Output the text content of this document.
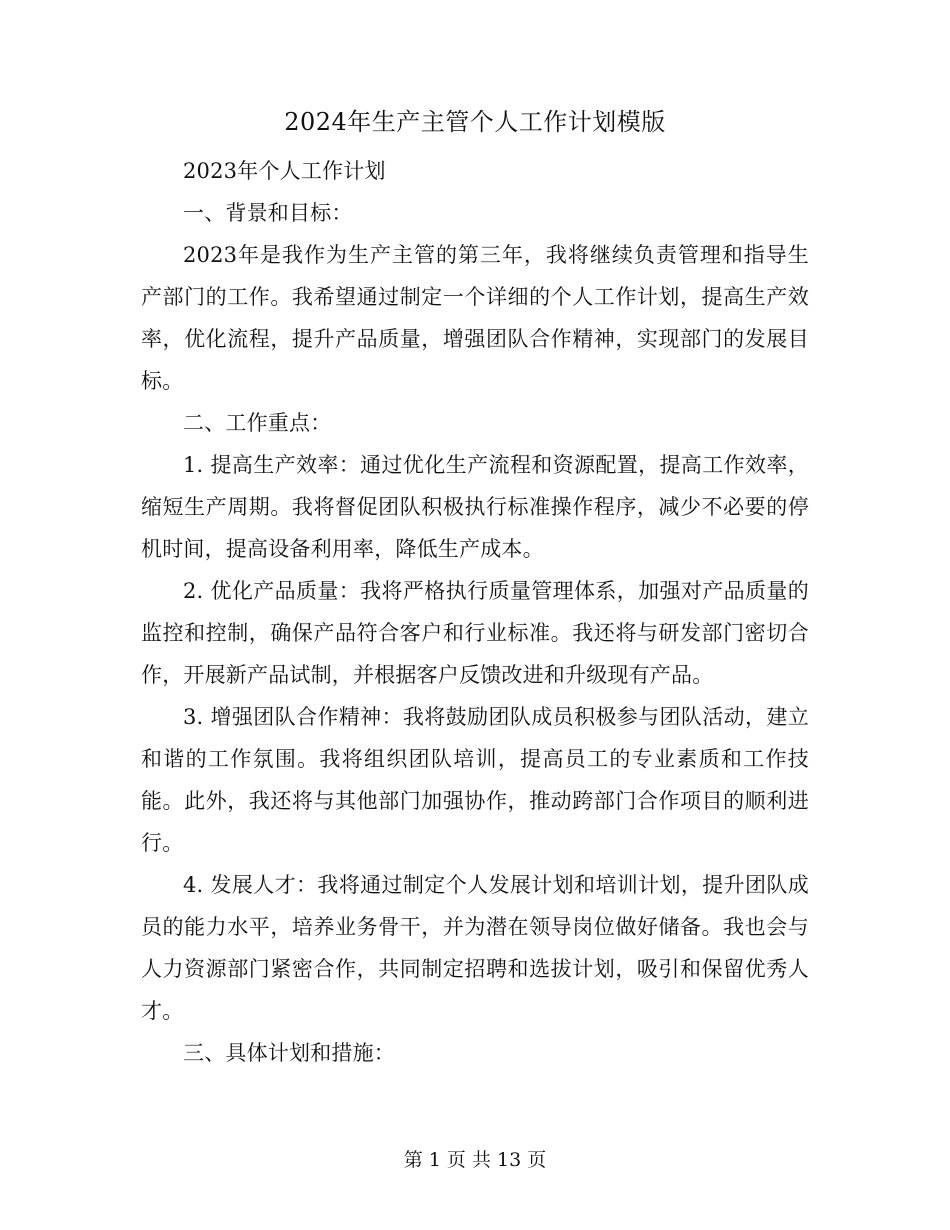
2024年生产主管个人工作计划模版

2023年个人工作计划

一、背景和目标：

2023年是我作为生产主管的第三年，我将继续负责管理和指导生产部门的工作。我希望通过制定一个详细的个人工作计划，提高生产效率，优化流程，提升产品质量，增强团队合作精神，实现部门的发展目标。

二、工作重点：

1. 提高生产效率：通过优化生产流程和资源配置，提高工作效率，缩短生产周期。我将督促团队积极执行标准操作程序，减少不必要的停机时间，提高设备利用率，降低生产成本。

2. 优化产品质量：我将严格执行质量管理体系，加强对产品质量的监控和控制，确保产品符合客户和行业标准。我还将与研发部门密切合作，开展新产品试制，并根据客户反馈改进和升级现有产品。

3. 增强团队合作精神：我将鼓励团队成员积极参与团队活动，建立和谐的工作氛围。我将组织团队培训，提高员工的专业素质和工作技能。此外，我还将与其他部门加强协作，推动跨部门合作项目的顺利进行。

4. 发展人才：我将通过制定个人发展计划和培训计划，提升团队成员的能力水平，培养业务骨干，并为潜在领导岗位做好储备。我也会与人力资源部门紧密合作，共同制定招聘和选拔计划，吸引和保留优秀人才。

三、具体计划和措施：

第 1 页 共 13 页
